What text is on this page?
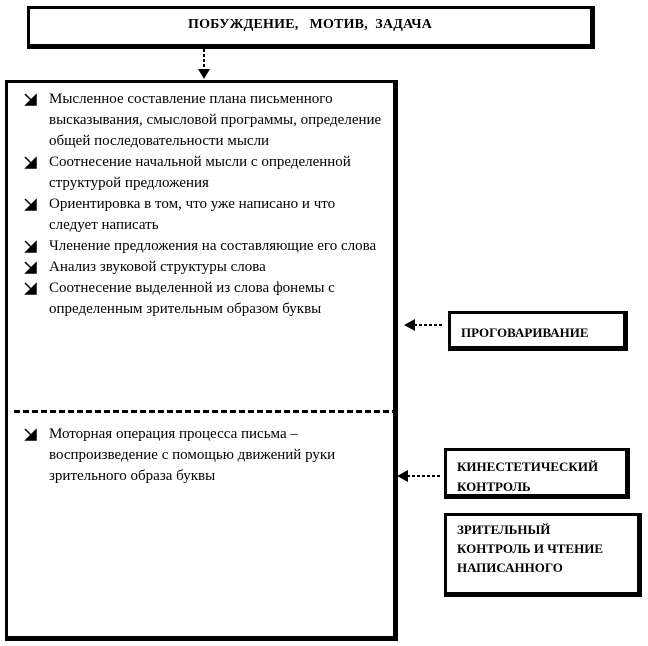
ПОБУЖДЕНИЕ,   МОТИВ,  ЗАДАЧА
Мысленное составление плана письменного высказывания, смысловой программы, определение общей последовательности мысли
Соотнесение начальной мысли с определенной структурой предложения
Ориентировка в том, что уже написано и что следует написать
Членение предложения на составляющие его слова
Анализ звуковой структуры слова
Соотнесение выделенной из слова фонемы с определенным зрительным образом буквы
Моторная операция процесса письма – воспроизведение с помощью движений руки зрительного образа буквы
ПРОГОВАРИВАНИЕ
КИНЕСТЕТИЧЕСКИЙ КОНТРОЛЬ
ЗРИТЕЛЬНЫЙ КОНТРОЛЬ И ЧТЕНИЕ НАПИСАННОГО
